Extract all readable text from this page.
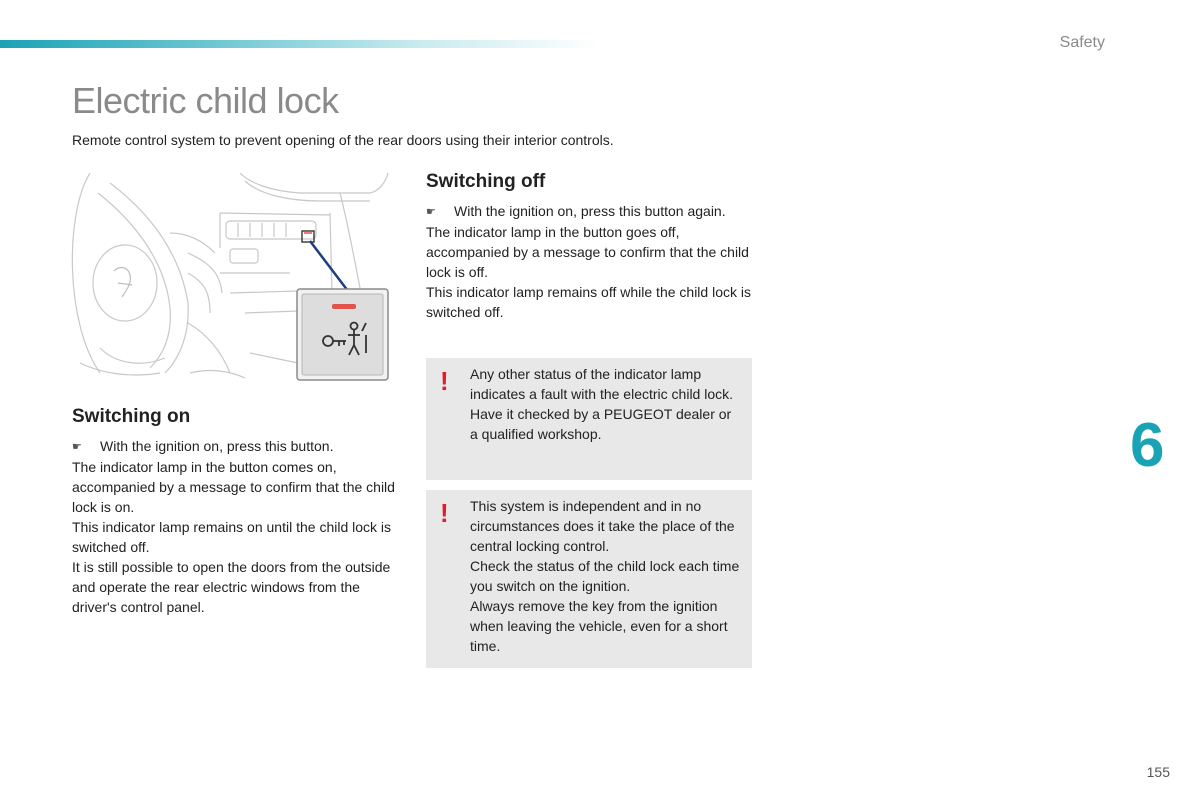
Safety
Electric child lock

Remote control system to prevent opening of the rear doors using their interior controls.

Switching on
☛	With the ignition on, press this button.

The indicator lamp in the button comes on, accompanied by a message to confirm that the child lock is on.

This indicator lamp remains on until the child lock is switched off.

It is still possible to open the doors from the outside and operate the rear electric windows from the driver's control panel.

Switching off
☛	With the ignition on, press this button again.

The indicator lamp in the button goes off, accompanied by a message to confirm that the child lock is off.

This indicator lamp remains off while the child lock is switched off.

! Any other status of the indicator lamp indicates a fault with the electric child lock.

Have it checked by a PEUGEOT dealer or a qualified workshop.

! This system is independent and in no circumstances does it take the place of the central locking control.

Check the status of the child lock each time you switch on the ignition.

Always remove the key from the ignition when leaving the vehicle, even for a short time.

6
155
